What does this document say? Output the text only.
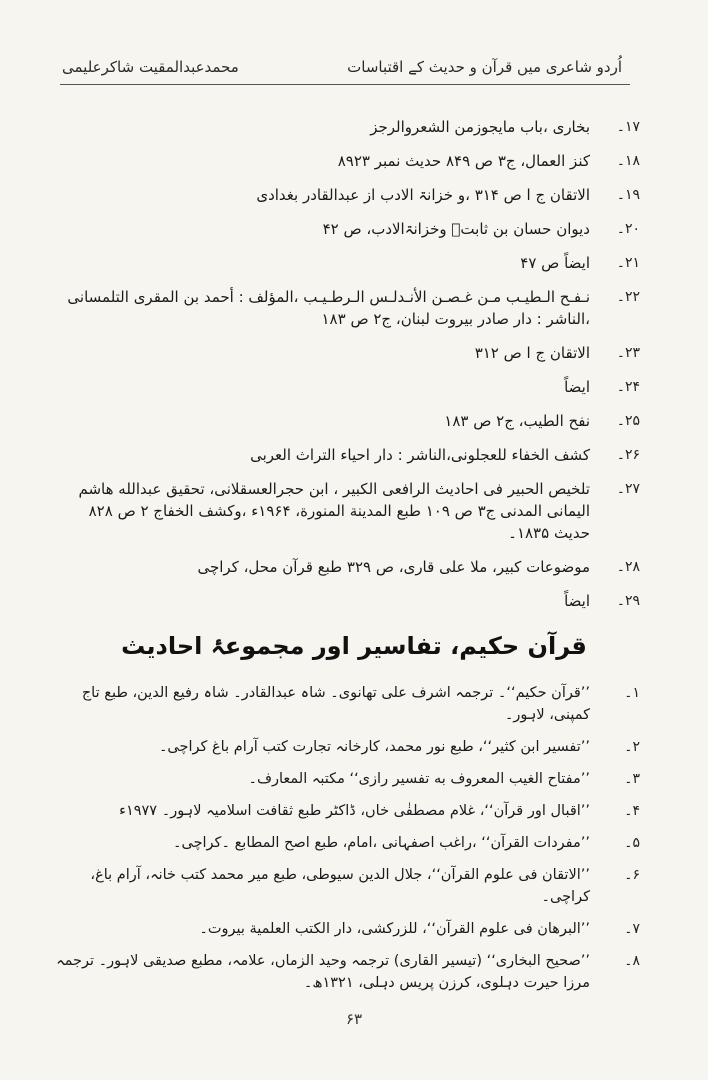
محمدعبدالمقیت شاکرعلیمی	اُردو شاعری میں قرآن و حدیث کے اقتباسات
۱۷۔
بخاری ،باب مایجوزمن الشعروالرجز
۱۸۔
کنز العمال، ج۳ ص ۸۴۹ حدیث نمبر ۸۹۲۳
۱۹۔
الاتقان ج ا ص ۳۱۴ ،و خزانۃ الادب از عبدالقادر بغدادی
۲۰۔
دیوان حسان بن ثابتؓ وخزانۃالادب، ص ۴۲
۲۱۔
ایضاً ص ۴۷
۲۲۔
نـفـح الـطيـب مـن غـصـن الأنـدلـس الـرطـيـب ،المؤلف : أحمد بن المقرى التلمسانى ،الناشر : دار صادر بيروت لبنان، ج۲ ص ۱۸۳
۲۳۔
الاتقان ج ا ص ۳۱۲
۲۴۔
ایضاً
۲۵۔
نفح الطیب، ج۲ ص ۱۸۳
۲۶۔
کشف الخفاء للعجلونی،الناشر : دار احیاء التراث العربی
۲۷۔
تلخيص الحبير فی احاديث الرافعی الكبير ، ابن حجرالعسقلانی، تحقيق عبدالله هاشم اليمانی المدنی ج۳ ص ۱۰۹ طبع المدينة المنورة، ۱۹۶۴ء ،وکشف الخفاج ۲ ص ۸۲۸ حدیث ۱۸۳۵۔
۲۸۔
موضوعات کبیر، ملا علی قاری، ص ۳۲۹ طبع قرآن محل، کراچی
۲۹۔
ایضاً
قرآن حکیم، تفاسیر اور مجموعۂ احادیث
۱۔
’’قرآن حکیم‘‘۔ ترجمہ اشرف علی تھانوی۔ شاہ عبدالقادر۔ شاہ رفیع الدین، طبع تاج کمپنی، لاہور۔
۲۔
’’تفسیر ابن کثیر‘‘، طبع نور محمد، کارخانہ تجارت کتب آرام باغ کراچی۔
۳۔
’’مفتاح الغيب المعروف به تفسير رازی‘‘ مکتبہ المعارف۔
۴۔
’’اقبال اور قرآن‘‘، غلام مصطفٰی خاں، ڈاکٹر طبع ثقافت اسلامیہ لاہور۔ ۱۹۷۷ء
۵۔
’’مفردات القرآن‘‘ ،راغب اصفہانی ،امام، طبع اصح المطابع ۔کراچی۔
۶۔
’’الاتقان فی علوم القرآن‘‘، جلال الدین سیوطی، طبع میر محمد کتب خانہ، آرام باغ، کراچی۔
۷۔
’’البرهان فی علوم القرآن‘‘، للزرکشی، دار الکتب العلمیة بیروت۔
۸۔
’’صحیح البخاری‘‘ (تیسیر القاری) ترجمہ وحید الزماں، علامہ، مطبع صدیقی لاہور۔ ترجمہ مرزا حیرت دہلوی، کرزن پریس دہلی، ۱۳۲۱ھ۔
۶۳
